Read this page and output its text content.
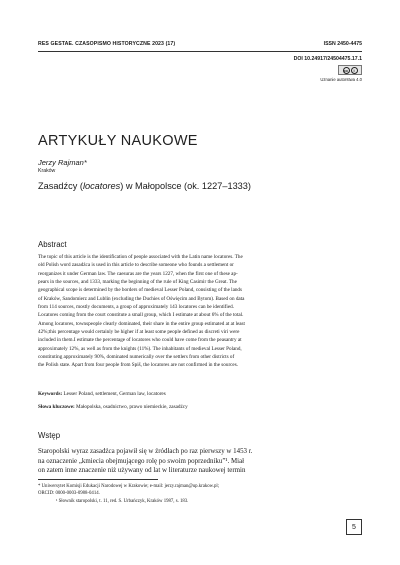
RES GESTAE. CZASOPISMO HISTORYCZNE 2023 (17)	ISSN 2450-4475
DOI 10.24917/24504475.17.1
cc	i
Uznanie autorstwa 4.0
ARTYKUŁY NAUKOWE
Jerzy Rajman*
Kraków
Zasadźcy (locatores) w Małopolsce (ok. 1227–1333)
Abstract
The topic of this article is the identification of people associated with the Latin name locatores. The
old Polish word zasadźca is used in this article to describe someone who founds a settlement or
reorganizes it under German law. The caesuras are the years 1227, when the first one of these ap-
pears in the sources, and 1333, marking the beginning of the rule of King Casimir the Great. The
geographical scope is determined by the borders of medieval Lesser Poland, consisting of the lands
of Kraków, Sandomierz and Lublin (excluding the Duchies of Oświęcim and Bytom). Based on data
from 114 sources, mostly documents, a group of approximately 143 locatores can be identified.
Locatores coming from the court constitute a small group, which I estimate at about 6% of the total.
Among locatores, townspeople clearly dominated, their share in the entire group estimated at at least
42%;this percentage would certainly be higher if at least some people defined as discreti viri were
included in them.I estimate the percentage of locatores who could have come from the peasantry at
approximately 12%, as well as from the knights (11%). The inhabitants of medieval Lesser Poland,
constituting approximately 90%, dominated numerically over the settlers from other districts of
the Polish state. Apart from four people from Spiš, the locatores are not confirmed in the sources.
Keywords: Lesser Poland, settlement, German law, locatores
Słowa kluczowe: Małopolska, osadnictwo, prawo niemieckie, zasadźcy
Wstęp
Staropolski wyraz zasadźca pojawił się w źródłach po raz pierwszy w 1453 r.
na oznaczenie „kmiecia obejmującego rolę po swoim poprzedniku”¹. Miał
on zatem inne znaczenie niż używany od lat w literaturze naukowej termin
* Uniwersytet Komisji Edukacji Narodowej w Krakowie; e-mail: jerzy.rajman@up.krakow.pl;
ORCID: 0000-0003-0988-0414.
¹ Słownik staropolski, t. 11, red. S. Urbańczyk, Kraków 1987, s. 183.
5
